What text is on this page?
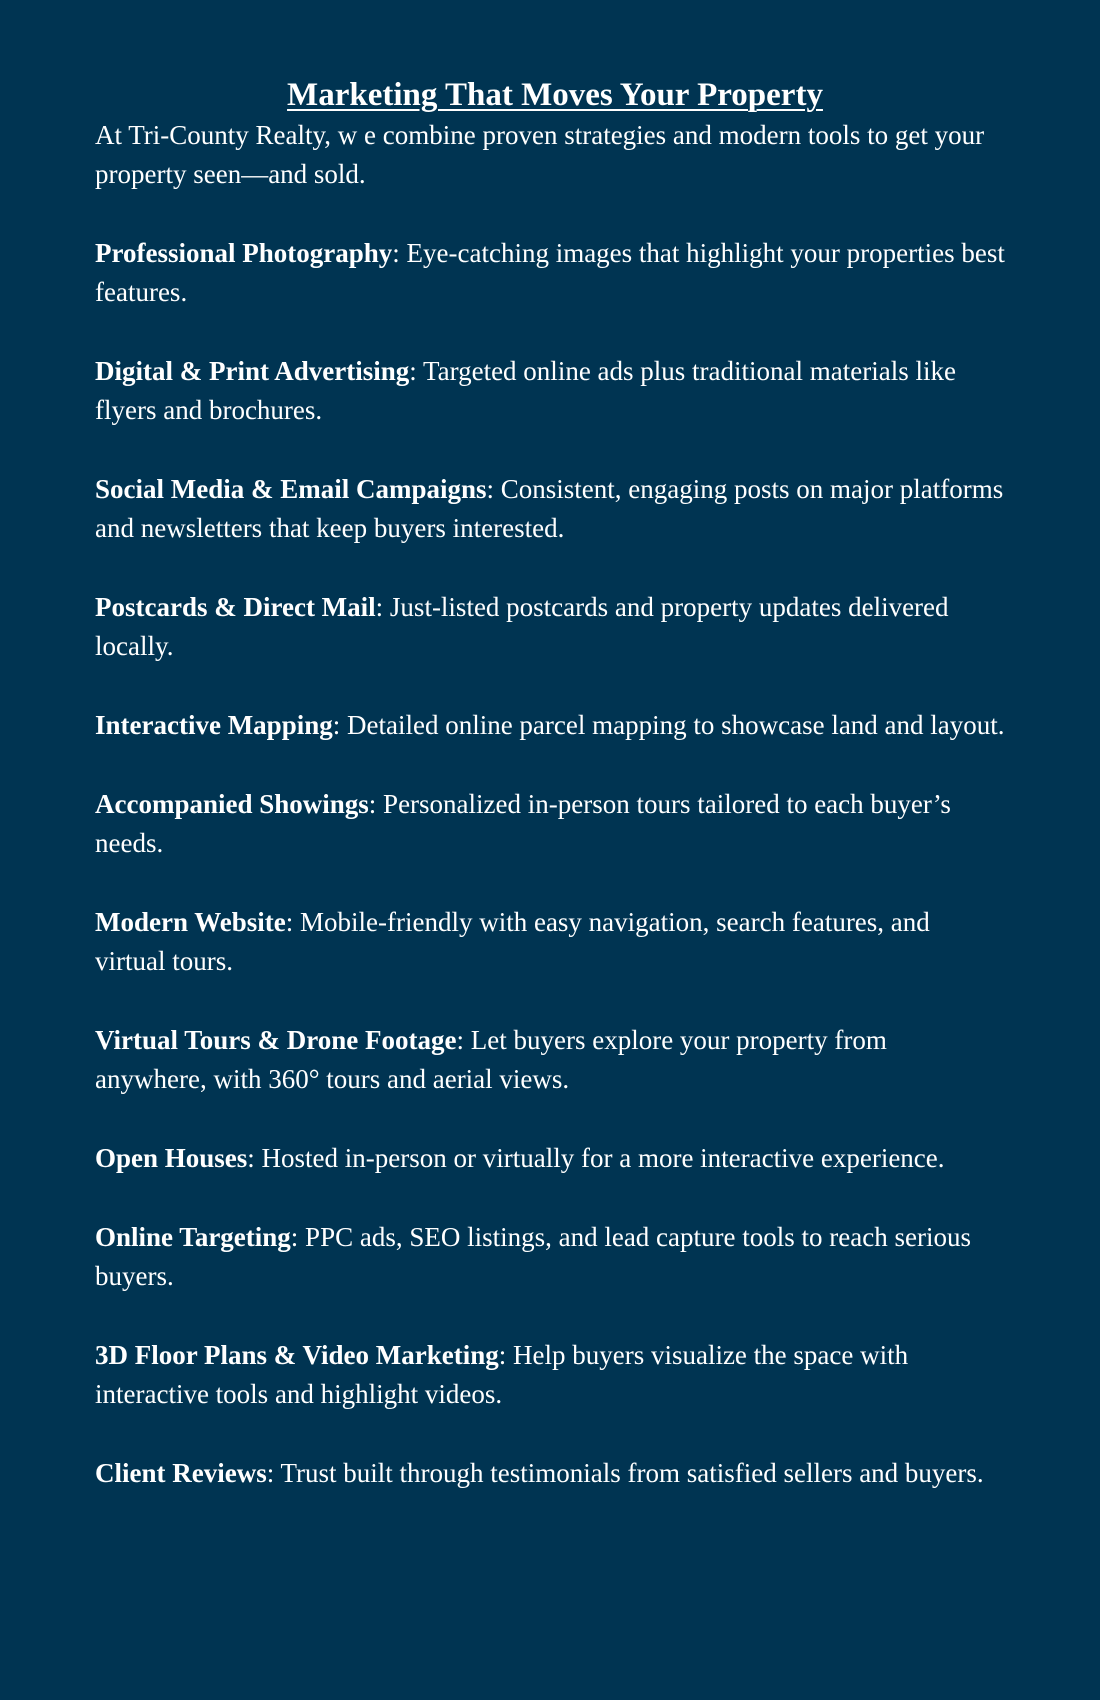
Marketing That Moves Your Property

At Tri-County Realty, w e combine proven strategies and modern tools to get your property seen—and sold.

Professional Photography: Eye-catching images that highlight your properties best features.
Digital & Print Advertising: Targeted online ads plus traditional materials like flyers and brochures.
Social Media & Email Campaigns: Consistent, engaging posts on major platforms and newsletters that keep buyers interested.
Postcards & Direct Mail: Just-listed postcards and property updates delivered locally.
Interactive Mapping: Detailed online parcel mapping to showcase land and layout.
Accompanied Showings: Personalized in-person tours tailored to each buyer’s needs.
Modern Website: Mobile-friendly with easy navigation, search features, and virtual tours.
Virtual Tours & Drone Footage: Let buyers explore your property from anywhere, with 360° tours and aerial views.
Open Houses: Hosted in-person or virtually for a more interactive experience.
Online Targeting: PPC ads, SEO listings, and lead capture tools to reach serious buyers.
3D Floor Plans & Video Marketing: Help buyers visualize the space with interactive tools and highlight videos.
Client Reviews: Trust built through testimonials from satisfied sellers and buyers.
